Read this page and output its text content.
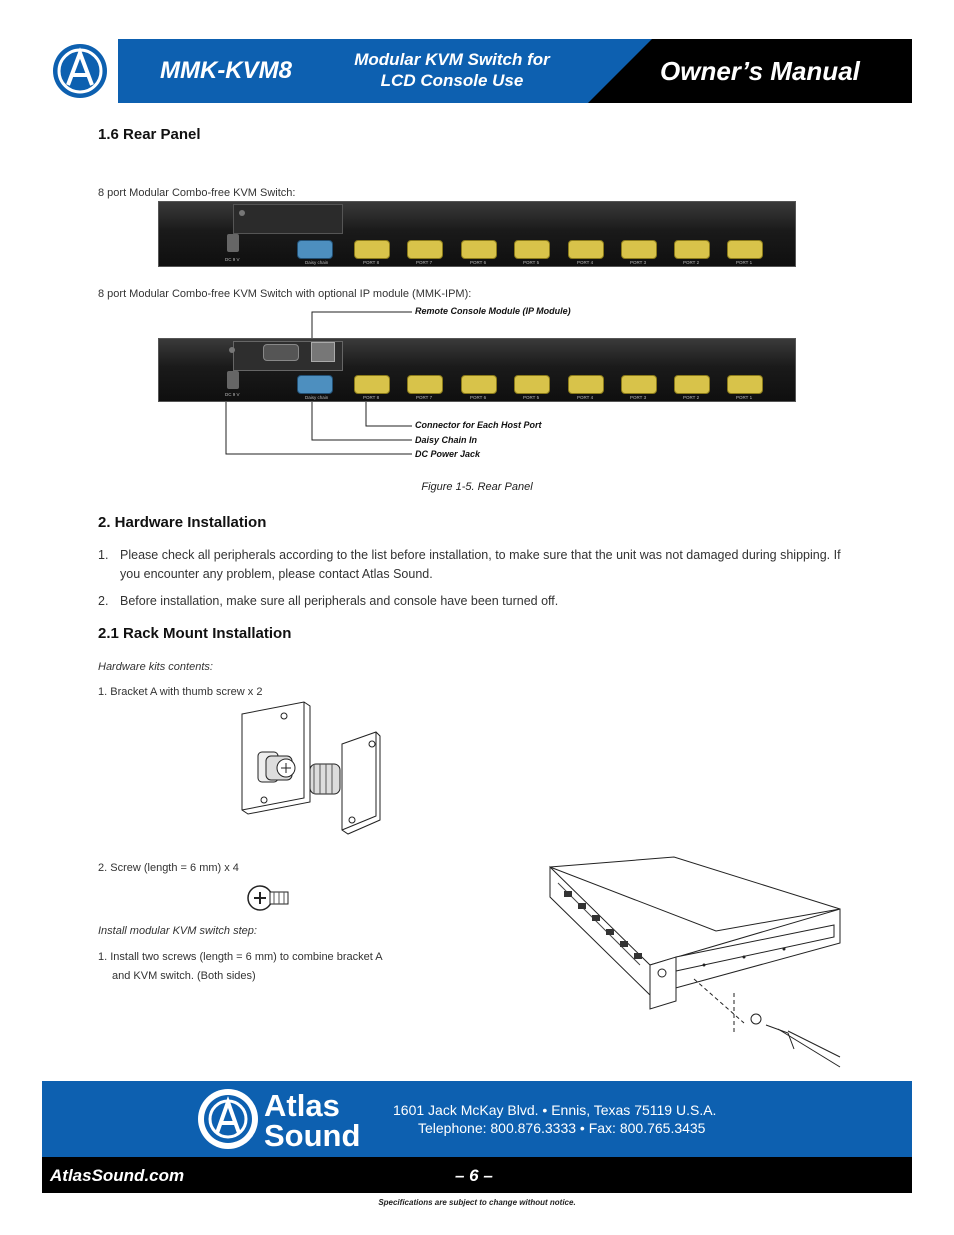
MMK-KVM8	Modular KVM Switch for
LCD Console Use	Owner’s Manual
1.6 Rear Panel
8 port Modular Combo-free KVM Switch:
DC 9 V
Daisy chain	PORT 8	PORT 7	PORT 6	PORT 5	PORT 4	PORT 3	PORT 2	PORT 1
8 port Modular Combo-free KVM Switch with optional IP module (MMK-IPM):
Remote Console Module (IP Module)
DC 9 V
Daisy chain	PORT 8	PORT 7	PORT 6	PORT 5	PORT 4	PORT 3	PORT 2	PORT 1
Connector for Each Host Port
Daisy Chain In
DC Power Jack
Figure 1-5. Rear Panel
2. Hardware Installation
1. Please check all peripherals according to the list before installation, to make sure that the unit was not damaged during shipping. If you encounter any problem, please contact Atlas Sound.
2. Before installation, make sure all peripherals and console have been turned off.
2.1 Rack Mount Installation
Hardware kits contents:
1. Bracket A with thumb screw x 2
2. Screw (length = 6 mm) x 4
Install modular KVM switch step:
1. Install two screws (length = 6 mm) to combine bracket A
and KVM switch. (Both sides)
Atlas
Sound
1601 Jack McKay Blvd. • Ennis, Texas 75119 U.S.A.
Telephone: 800.876.3333 • Fax: 800.765.3435
AtlasSound.com	– 6 –
Specifications are subject to change without notice.
